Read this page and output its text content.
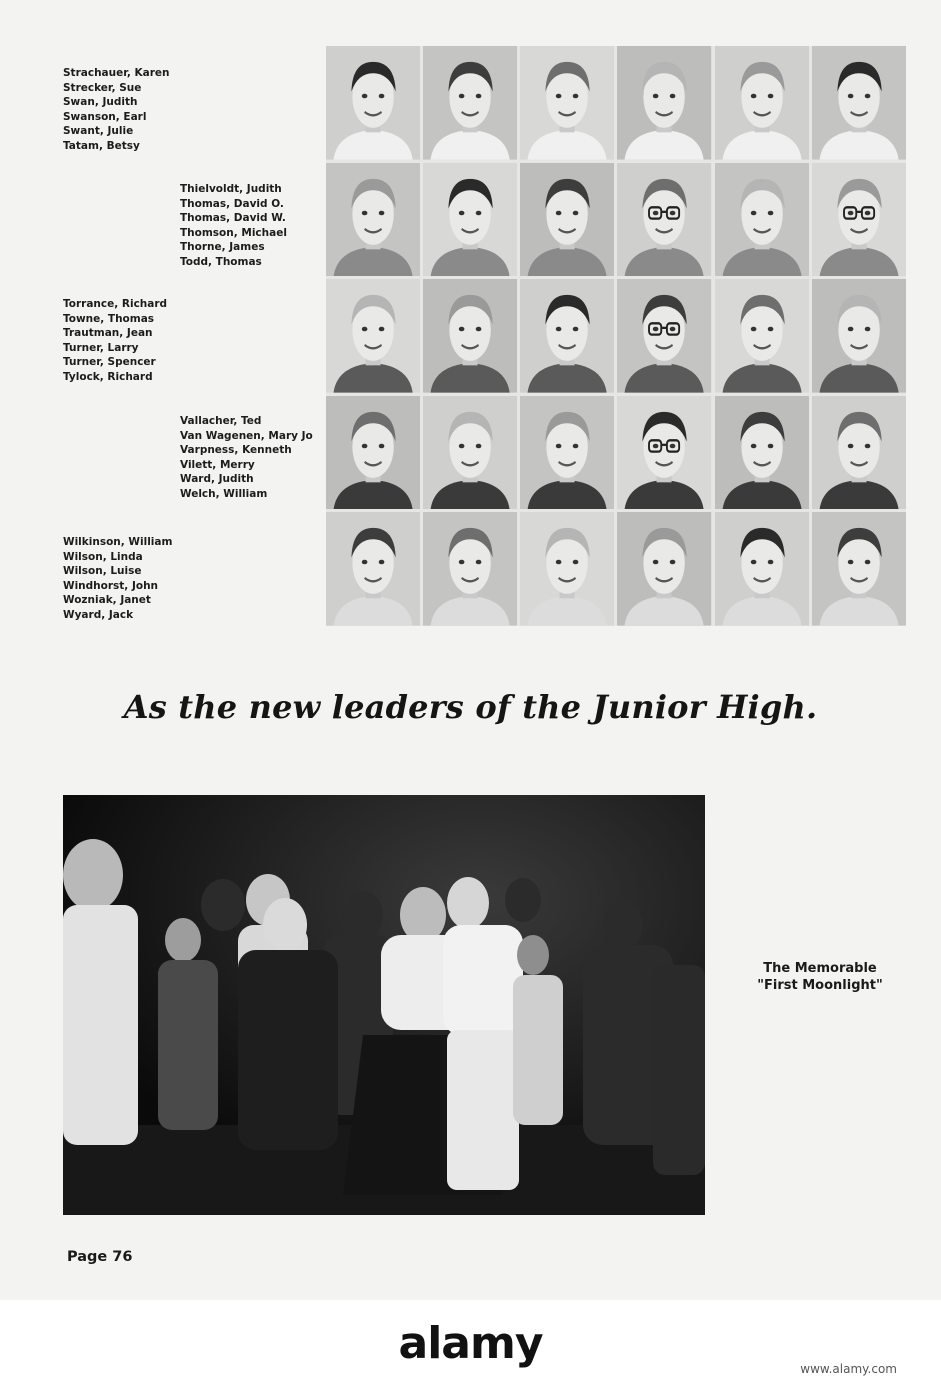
Strachauer, Karen
Strecker, Sue
Swan, Judith
Swanson, Earl
Swant, Julie
Tatam, Betsy
Thielvoldt, Judith
Thomas, David O.
Thomas, David W.
Thomson, Michael
Thorne, James
Todd, Thomas
Torrance, Richard
Towne, Thomas
Trautman, Jean
Turner, Larry
Turner, Spencer
Tylock, Richard
Vallacher, Ted
Van Wagenen, Mary Jo
Varpness, Kenneth
Vilett, Merry
Ward, Judith
Welch, William
Wilkinson, William
Wilson, Linda
Wilson, Luise
Windhorst, John
Wozniak, Janet
Wyard, Jack
As the new leaders of the Junior High.
The Memorable
"First Moonlight"
Page 76
alamy	www.alamy.com
